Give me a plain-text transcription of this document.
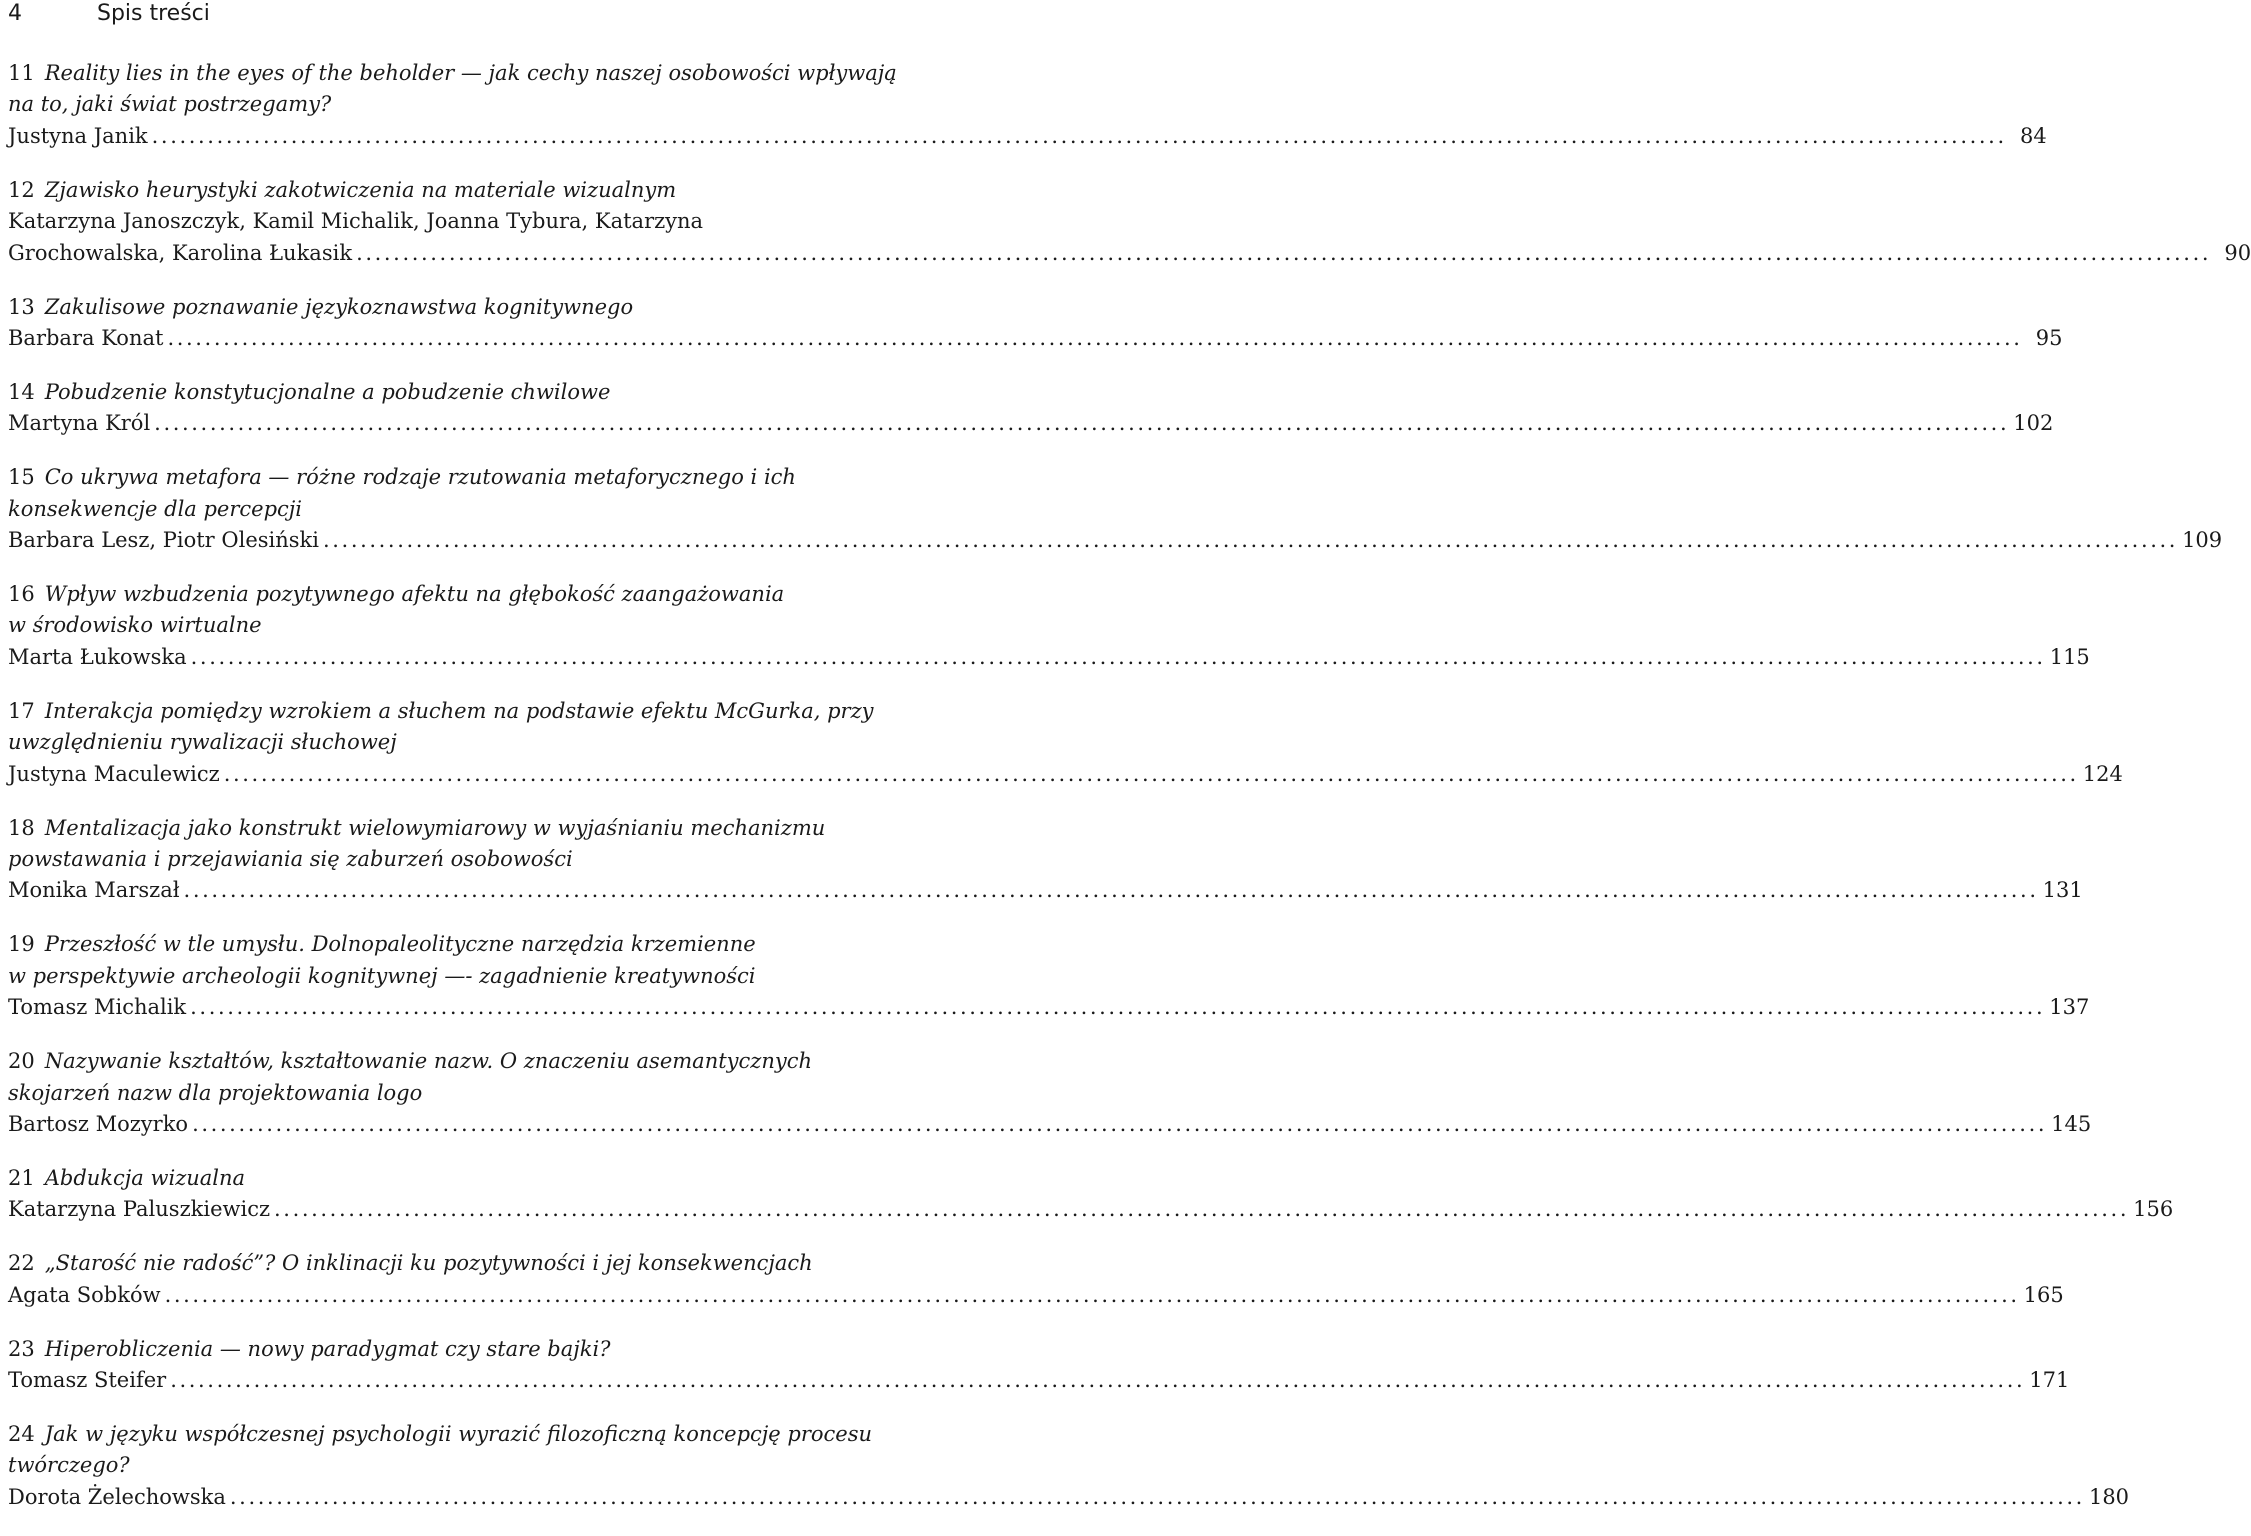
4	Spis treści
11 Reality lies in the eyes of the beholder — jak cechy naszej osobowości wpływają
na to, jaki świat postrzegamy?
Justyna Janik ........................................................................................................................................................................................................ 84
12 Zjawisko heurystyki zakotwiczenia na materiale wizualnym
Katarzyna Janoszczyk, Kamil Michalik, Joanna Tybura, Katarzyna
Grochowalska, Karolina Łukasik ........................................................................................................................................................................................................ 90
13 Zakulisowe poznawanie językoznawstwa kognitywnego
Barbara Konat ........................................................................................................................................................................................................ 95
14 Pobudzenie konstytucjonalne a pobudzenie chwilowe
Martyna Król ........................................................................................................................................................................................................ 102
15 Co ukrywa metafora — różne rodzaje rzutowania metaforycznego i ich
konsekwencje dla percepcji
Barbara Lesz, Piotr Olesiński ........................................................................................................................................................................................................ 109
16 Wpływ wzbudzenia pozytywnego afektu na głębokość zaangażowania
w środowisko wirtualne
Marta Łukowska ........................................................................................................................................................................................................ 115
17 Interakcja pomiędzy wzrokiem a słuchem na podstawie efektu McGurka, przy
uwzględnieniu rywalizacji słuchowej
Justyna Maculewicz ........................................................................................................................................................................................................ 124
18 Mentalizacja jako konstrukt wielowymiarowy w wyjaśnianiu mechanizmu
powstawania i przejawiania się zaburzeń osobowości
Monika Marszał ........................................................................................................................................................................................................ 131
19 Przeszłość w tle umysłu. Dolnopaleolityczne narzędzia krzemienne
w perspektywie archeologii kognitywnej —- zagadnienie kreatywności
Tomasz Michalik ........................................................................................................................................................................................................ 137
20 Nazywanie kształtów, kształtowanie nazw. O znaczeniu asemantycznych
skojarzeń nazw dla projektowania logo
Bartosz Mozyrko ........................................................................................................................................................................................................ 145
21 Abdukcja wizualna
Katarzyna Paluszkiewicz ........................................................................................................................................................................................................ 156
22 „Starość nie radość”? O inklinacji ku pozytywności i jej konsekwencjach
Agata Sobków ........................................................................................................................................................................................................ 165
23 Hiperobliczenia — nowy paradygmat czy stare bajki?
Tomasz Steifer ........................................................................................................................................................................................................ 171
24 Jak w języku współczesnej psychologii wyrazić filozoficzną koncepcję procesu
twórczego?
Dorota Żelechowska ........................................................................................................................................................................................................ 180
